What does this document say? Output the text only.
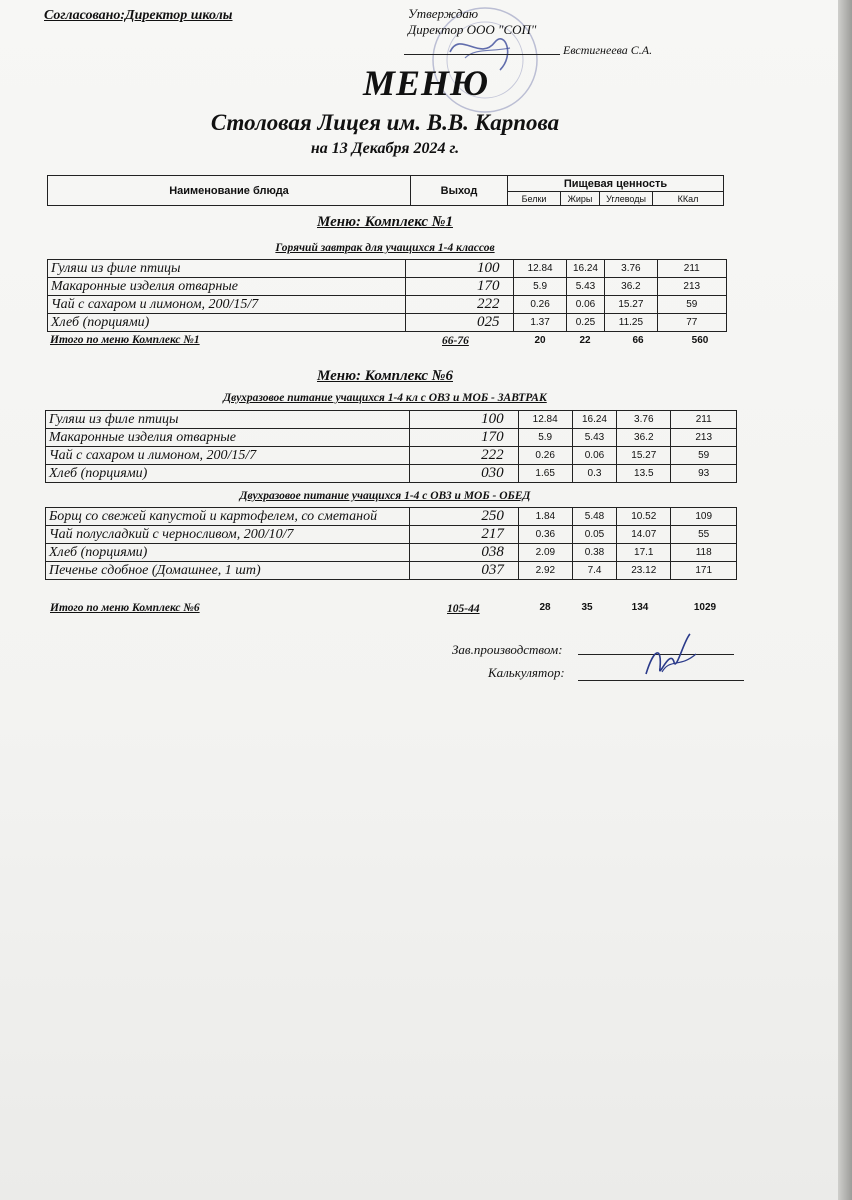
Согласовано:Директор школы	Утверждаю
Директор ООО "СОП"
Евстигнеева С.А.
МЕНЮ
Столовая Лицея им. В.В. Карпова
на 13 Декабря 2024 г.
Наименование блюда	Выход	Пищевая ценность			
		Белки	Жиры	Углеводы	ККал
Меню: Комплекс №1
Горячий завтрак для учащихся 1-4 классов
Гуляш из филе птицы	100	12.84	16.24	3.76	211
Макаронные изделия отварные	170	5.9	5.43	36.2	213
Чай с сахаром и лимоном, 200/15/7	222	0.26	0.06	15.27	59
Хлеб (порциями)	025	1.37	0.25	11.25	77
Итого по меню Комплекс №1	66-76	20	22	66	560
Меню: Комплекс №6
Двухразовое питание учащихся 1-4 кл с ОВЗ и МОБ - ЗАВТРАК
Гуляш из филе птицы	100	12.84	16.24	3.76	211
Макаронные изделия отварные	170	5.9	5.43	36.2	213
Чай с сахаром и лимоном, 200/15/7	222	0.26	0.06	15.27	59
Хлеб (порциями)	030	1.65	0.3	13.5	93
Двухразовое питание учащихся 1-4 с ОВЗ и МОБ - ОБЕД
Борщ со свежей капустой и картофелем, со сметаной	250	1.84	5.48	10.52	109
Чай полусладкий с черносливом, 200/10/7	217	0.36	0.05	14.07	55
Хлеб (порциями)	038	2.09	0.38	17.1	118
Печенье сдобное (Домашнее, 1 шт)	037	2.92	7.4	23.12	171
Итого по меню Комплекс №6	105-44	28	35	134	1029
Зав.производством:
Калькулятор:
